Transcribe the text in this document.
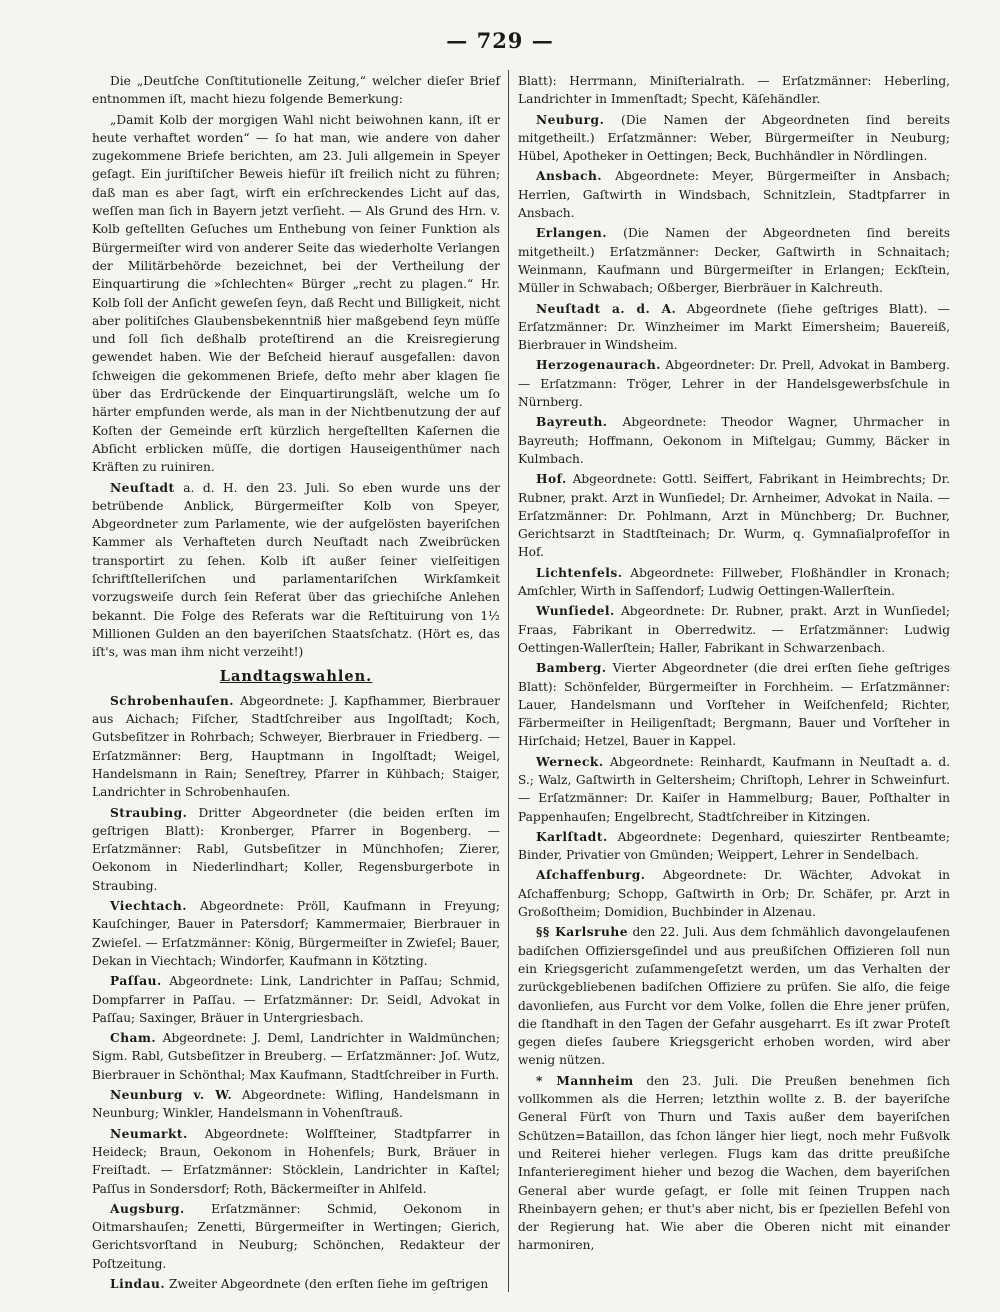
— 729 —

Die „Deutſche Conſtitutionelle Zeitung,“ welcher dieſer Brief entnommen iſt, macht hiezu folgende Bemerkung:

„Damit Kolb der morgigen Wahl nicht beiwohnen kann, iſt er heute verhaftet worden“ — ſo hat man, wie andere von daher zugekommene Briefe berichten, am 23. Juli allgemein in Speyer geſagt. Ein juriſtiſcher Beweis hiefür iſt freilich nicht zu führen; daß man es aber ſagt, wirft ein erſchreckendes Licht auf das, weſſen man ſich in Bayern jetzt verſieht. — Als Grund des Hrn. v. Kolb geſtellten Geſuches um Enthebung von ſeiner Funktion als Bürgermeiſter wird von anderer Seite das wiederholte Verlangen der Militärbehörde bezeichnet, bei der Vertheilung der Einquartirung die »ſchlechten« Bürger „recht zu plagen.“ Hr. Kolb ſoll der Anſicht geweſen ſeyn, daß Recht und Billigkeit, nicht aber politiſches Glaubensbekenntniß hier maßgebend ſeyn müſſe und ſoll ſich deßhalb proteſtirend an die Kreisregierung gewendet haben. Wie der Beſcheid hierauf ausgefallen: davon ſchweigen die gekommenen Briefe, deſto mehr aber klagen ſie über das Erdrückende der Einquartirungsläſt, welche um ſo härter empfunden werde, als man in der Nichtbenutzung der auf Koſten der Gemeinde erſt kürzlich hergeſtellten Kaſernen die Abſicht erblicken müſſe, die dortigen Hauseigenthümer nach Kräften zu ruiniren.

Neuſtadt a. d. H. den 23. Juli. So eben wurde uns der betrübende Anblick, Bürgermeiſter Kolb von Speyer, Abgeordneter zum Parlamente, wie der aufgelösten bayeriſchen Kammer als Verhafteten durch Neuſtadt nach Zweibrücken transportirt zu ſehen. Kolb iſt außer ſeiner vielſeitigen ſchriftſtelleriſchen und parlamentariſchen Wirkſamkeit vorzugsweiſe durch ſein Referat über das griechiſche Anlehen bekannt. Die Folge des Referats war die Reſtituirung von 1½ Millionen Gulden an den bayeriſchen Staatsſchatz. (Hört es, das iſt's, was man ihm nicht verzeiht!)

Landtagswahlen.

Schrobenhauſen. Abgeordnete: J. Kapfhammer, Bierbrauer aus Aichach; Fiſcher, Stadtſchreiber aus Ingolſtadt; Koch, Gutsbeſitzer in Rohrbach; Schweyer, Bierbrauer in Friedberg. — Erſatzmänner: Berg, Hauptmann in Ingolſtadt; Weigel, Handelsmann in Rain; Seneſtrey, Pfarrer in Kühbach; Staiger, Landrichter in Schrobenhauſen.

Straubing. Dritter Abgeordneter (die beiden erſten im geſtrigen Blatt): Kronberger, Pfarrer in Bogenberg. — Erſatzmänner: Rabl, Gutsbeſitzer in Münchhofen; Zierer, Oekonom in Niederlindhart; Koller, Regensburgerbote in Straubing.

Viechtach. Abgeordnete: Pröll, Kaufmann in Freyung; Kauſchinger, Bauer in Patersdorf; Kammermaier, Bierbrauer in Zwieſel. — Erſatzmänner: König, Bürgermeiſter in Zwieſel; Bauer, Dekan in Viechtach; Windorfer, Kaufmann in Kötzting.

Paſſau. Abgeordnete: Link, Landrichter in Paſſau; Schmid, Dompfarrer in Paſſau. — Erſatzmänner: Dr. Seidl, Advokat in Paſſau; Saxinger, Bräuer in Untergriesbach.

Cham. Abgeordnete: J. Deml, Landrichter in Waldmünchen; Sigm. Rabl, Gutsbeſitzer in Breuberg. — Erſatzmänner: Joſ. Wutz, Bierbrauer in Schönthal; Max Kaufmann, Stadtſchreiber in Furth.

Neunburg v. W. Abgeordnete: Wifling, Handelsmann in Neunburg; Winkler, Handelsmann in Vohenſtrauß.

Neumarkt. Abgeordnete: Wolfſteiner, Stadtpfarrer in Heideck; Braun, Oekonom in Hohenfels; Burk, Bräuer in Freiſtadt. — Erſatzmänner: Stöcklein, Landrichter in Kaſtel; Paſſus in Sondersdorf; Roth, Bäckermeiſter in Ahlfeld.

Augsburg. Erſatzmänner: Schmid, Oekonom in Oitmarshauſen; Zenetti, Bürgermeiſter in Wertingen; Gierich, Gerichtsvorſtand in Neuburg; Schönchen, Redakteur der Poſtzeitung.

Lindau. Zweiter Abgeordnete (den erſten ſiehe im geſtrigen

Blatt): Herrmann, Miniſterialrath. — Erſatzmänner: Heberling, Landrichter in Immenſtadt; Specht, Käſehändler.

Neuburg. (Die Namen der Abgeordneten ſind bereits mitgetheilt.) Erſatzmänner: Weber, Bürgermeiſter in Neuburg; Hübel, Apotheker in Oettingen; Beck, Buchhändler in Nördlingen.

Ansbach. Abgeordnete: Meyer, Bürgermeiſter in Ansbach; Herrlen, Gaſtwirth in Windsbach, Schnitzlein, Stadtpfarrer in Ansbach.

Erlangen. (Die Namen der Abgeordneten ſind bereits mitgetheilt.) Erſatzmänner: Decker, Gaſtwirth in Schnaitach; Weinmann, Kaufmann und Bürgermeiſter in Erlangen; Eckſtein, Müller in Schwabach; Oßberger, Bierbräuer in Kalchreuth.

Neuſtadt a. d. A. Abgeordnete (ſiehe geſtriges Blatt). — Erſatzmänner: Dr. Winzheimer im Markt Eimersheim; Bauereiß, Bierbrauer in Windsheim.

Herzogenaurach. Abgeordneter: Dr. Prell, Advokat in Bamberg. — Erſatzmann: Tröger, Lehrer in der Handelsgewerbsſchule in Nürnberg.

Bayreuth. Abgeordnete: Theodor Wagner, Uhrmacher in Bayreuth; Hoffmann, Oekonom in Miſtelgau; Gummy, Bäcker in Kulmbach.

Hof. Abgeordnete: Gottl. Seiffert, Fabrikant in Heimbrechts; Dr. Rubner, prakt. Arzt in Wunſiedel; Dr. Arnheimer, Advokat in Naila. — Erſatzmänner: Dr. Pohlmann, Arzt in Münchberg; Dr. Buchner, Gerichtsarzt in Stadtſteinach; Dr. Wurm, q. Gymnaſialprofeſſor in Hof.

Lichtenfels. Abgeordnete: Fillweber, Floßhändler in Kronach; Amſchler, Wirth in Saſſendorf; Ludwig Oettingen-Wallerſtein.

Wunſiedel. Abgeordnete: Dr. Rubner, prakt. Arzt in Wunſiedel; Fraas, Fabrikant in Oberredwitz. — Erſatzmänner: Ludwig Oettingen-Wallerſtein; Haller, Fabrikant in Schwarzenbach.

Bamberg. Vierter Abgeordneter (die drei erſten ſiehe geſtriges Blatt): Schönfelder, Bürgermeiſter in Forchheim. — Erſatzmänner: Lauer, Handelsmann und Vorſteher in Weiſchenfeld; Richter, Färbermeiſter in Heiligenſtadt; Bergmann, Bauer und Vorſteher in Hirſchaid; Hetzel, Bauer in Kappel.

Werneck. Abgeordnete: Reinhardt, Kaufmann in Neuſtadt a. d. S.; Walz, Gaſtwirth in Geltersheim; Chriſtoph, Lehrer in Schweinfurt. — Erſatzmänner: Dr. Kaiſer in Hammelburg; Bauer, Poſthalter in Pappenhauſen; Engelbrecht, Stadtſchreiber in Kitzingen.

Karlſtadt. Abgeordnete: Degenhard, quieszirter Rentbeamte; Binder, Privatier von Gmünden; Weippert, Lehrer in Sendelbach.

Aſchaffenburg. Abgeordnete: Dr. Wächter, Advokat in Aſchaffenburg; Schopp, Gaſtwirth in Orb; Dr. Schäfer, pr. Arzt in Großoſtheim; Domidion, Buchbinder in Alzenau.

§§ Karlsruhe den 22. Juli. Aus dem ſchmählich davongelaufenen badiſchen Offiziersgeſindel und aus preußiſchen Offizieren ſoll nun ein Kriegsgericht zuſammengeſetzt werden, um das Verhalten der zurückgebliebenen badiſchen Offiziere zu prüfen. Sie alſo, die feige davonliefen, aus Furcht vor dem Volke, ſollen die Ehre jener prüfen, die ſtandhaft in den Tagen der Gefahr ausgeharrt. Es iſt zwar Proteſt gegen dieſes ſaubere Kriegsgericht erhoben worden, wird aber wenig nützen.

* Mannheim den 23. Juli. Die Preußen benehmen ſich vollkommen als die Herren; letzthin wollte z. B. der bayeriſche General Fürſt von Thurn und Taxis außer dem bayeriſchen Schützen=Bataillon, das ſchon länger hier liegt, noch mehr Fußvolk und Reiterei hieher verlegen. Flugs kam das dritte preußiſche Infanterieregiment hieher und bezog die Wachen, dem bayeriſchen General aber wurde geſagt, er ſolle mit ſeinen Truppen nach Rheinbayern gehen; er thut's aber nicht, bis er ſpeziellen Befehl von der Regierung hat. Wie aber die Oberen nicht mit einander harmoniren,
